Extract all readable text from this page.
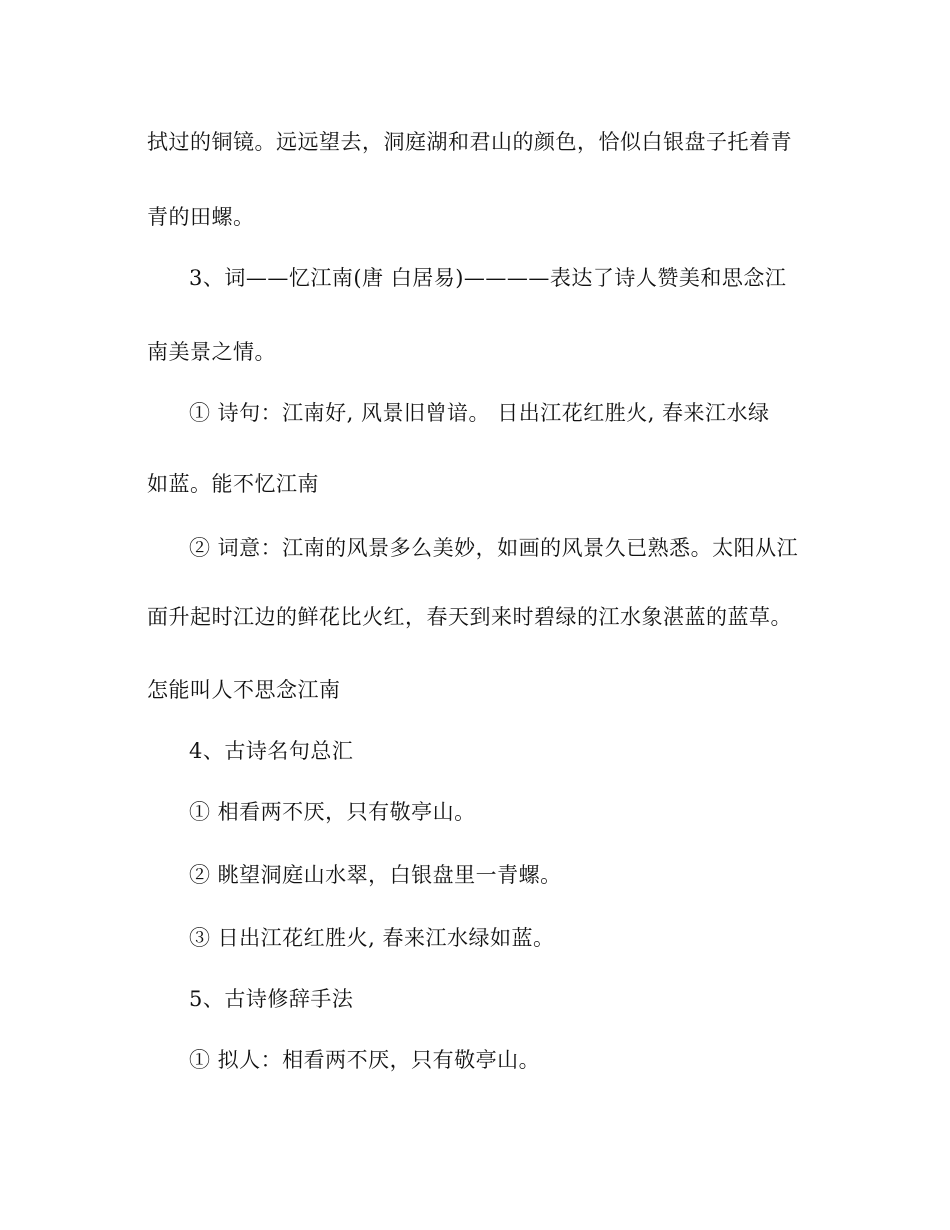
拭过的铜镜。远远望去，洞庭湖和君山的颜色，恰似白银盘子托着青
青的田螺。
3、词——忆江南(唐 白居易)————表达了诗人赞美和思念江
南美景之情。
① 诗句：江南好, 风景旧曾谙。 日出江花红胜火, 春来江水绿
如蓝。能不忆江南
② 词意：江南的风景多么美妙，如画的风景久已熟悉。太阳从江
面升起时江边的鲜花比火红，春天到来时碧绿的江水象湛蓝的蓝草。
怎能叫人不思念江南
4、古诗名句总汇
① 相看两不厌，只有敬亭山。
② 眺望洞庭山水翠，白银盘里一青螺。
③ 日出江花红胜火, 春来江水绿如蓝。
5、古诗修辞手法
① 拟人：相看两不厌，只有敬亭山。
